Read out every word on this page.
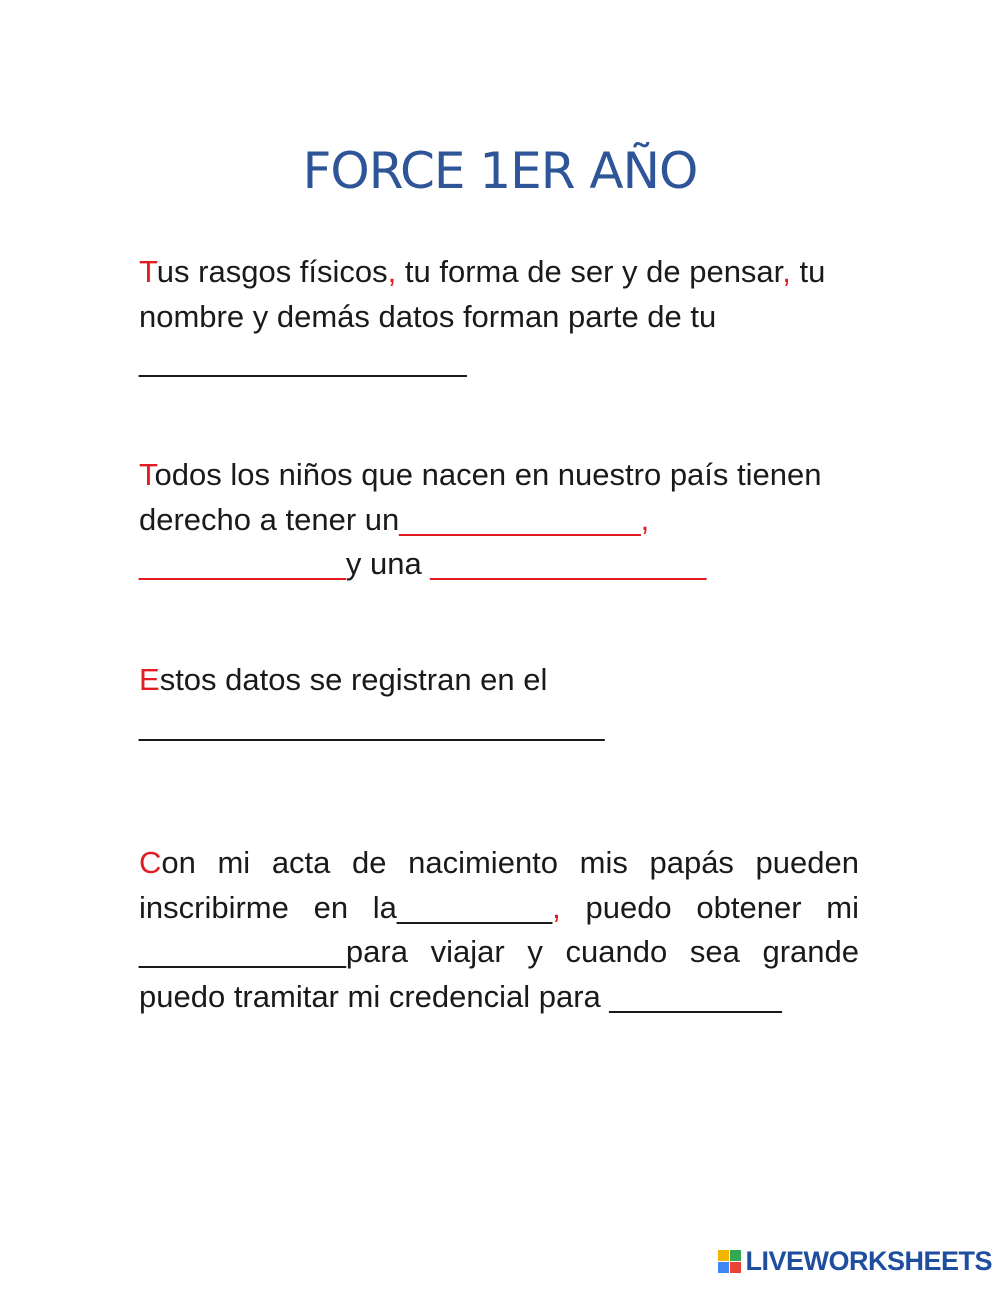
FORCE 1ER AÑO

Tus rasgos físicos, tu forma de ser y de pensar, tu nombre y demás datos forman parte de tu ___________________

Todos los niños que nacen en nuestro país tienen derecho a tener un______________,
____________y una ________________

Estos datos se registran en el
___________________________

Con mi acta de nacimiento mis papás pueden inscribirme en la_________, puedo obtener mi ____________para viajar y cuando sea grande puedo tramitar mi credencial para __________

LIVEWORKSHEETS
